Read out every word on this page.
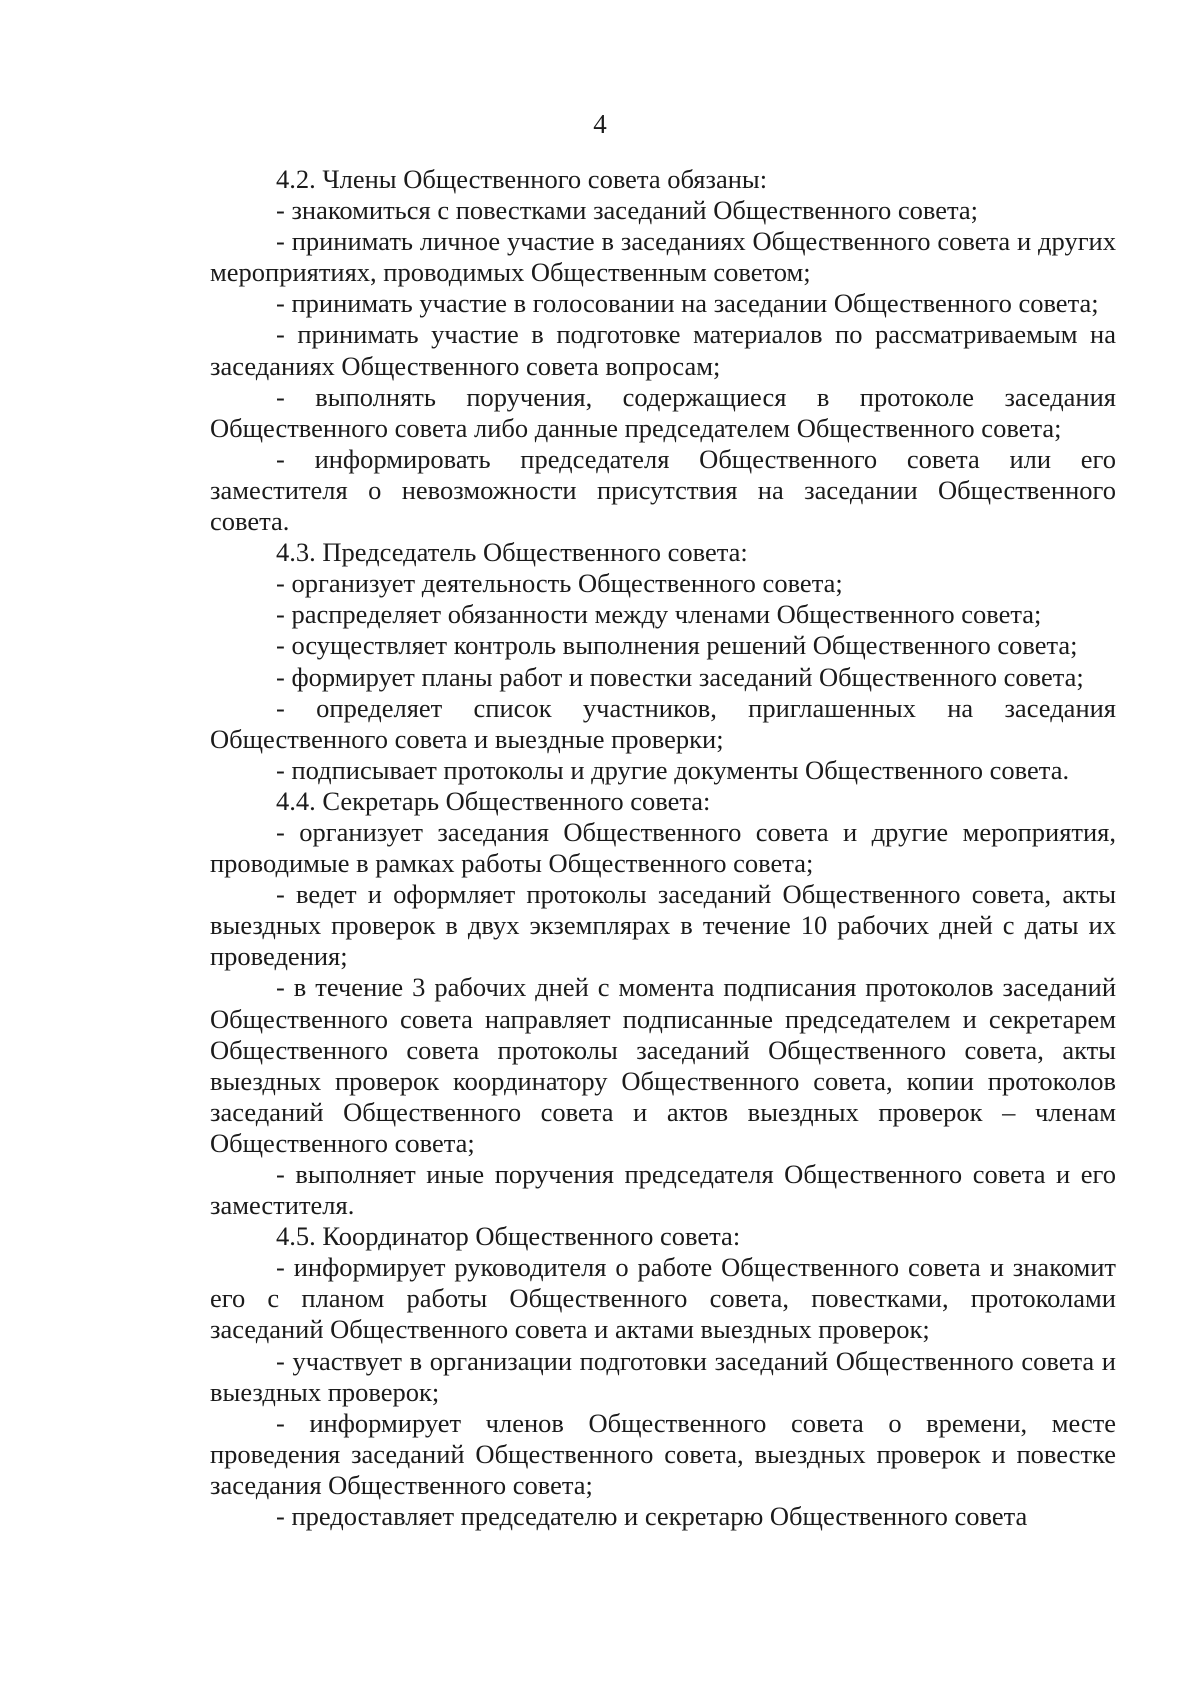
4

4.2. Члены Общественного совета обязаны:

- знакомиться с повестками заседаний Общественного совета;

- принимать личное участие в заседаниях Общественного совета и других мероприятиях, проводимых Общественным советом;

- принимать участие в голосовании на заседании Общественного совета;

- принимать участие в подготовке материалов по рассматриваемым на заседаниях Общественного совета вопросам;

- выполнять поручения, содержащиеся в протоколе заседания Общественного совета либо данные председателем Общественного совета;

- информировать председателя Общественного совета или его заместителя о невозможности присутствия на заседании Общественного совета.

4.3. Председатель Общественного совета:

- организует деятельность Общественного совета;

- распределяет обязанности между членами Общественного совета;

- осуществляет контроль выполнения решений Общественного совета;

- формирует планы работ и повестки заседаний Общественного совета;

- определяет список участников, приглашенных на заседания Общественного совета и выездные проверки;

- подписывает протоколы и другие документы Общественного совета.

4.4. Секретарь Общественного совета:

- организует заседания Общественного совета и другие мероприятия, проводимые в рамках работы Общественного совета;

- ведет и оформляет протоколы заседаний Общественного совета, акты выездных проверок в двух экземплярах в течение 10 рабочих дней с даты их проведения;

- в течение 3 рабочих дней с момента подписания протоколов заседаний Общественного совета направляет подписанные председателем и секретарем Общественного совета протоколы заседаний Общественного совета, акты выездных проверок координатору Общественного совета, копии протоколов заседаний Общественного совета и актов выездных проверок – членам Общественного совета;

- выполняет иные поручения председателя Общественного совета и его заместителя.

4.5. Координатор Общественного совета:

- информирует руководителя о работе Общественного совета и знакомит его с планом работы Общественного совета, повестками, протоколами заседаний Общественного совета и актами выездных проверок;

- участвует в организации подготовки заседаний Общественного совета и выездных проверок;

- информирует членов Общественного совета о времени, месте проведения заседаний Общественного совета, выездных проверок и повестке заседания Общественного совета;

- предоставляет председателю и секретарю Общественного совета
